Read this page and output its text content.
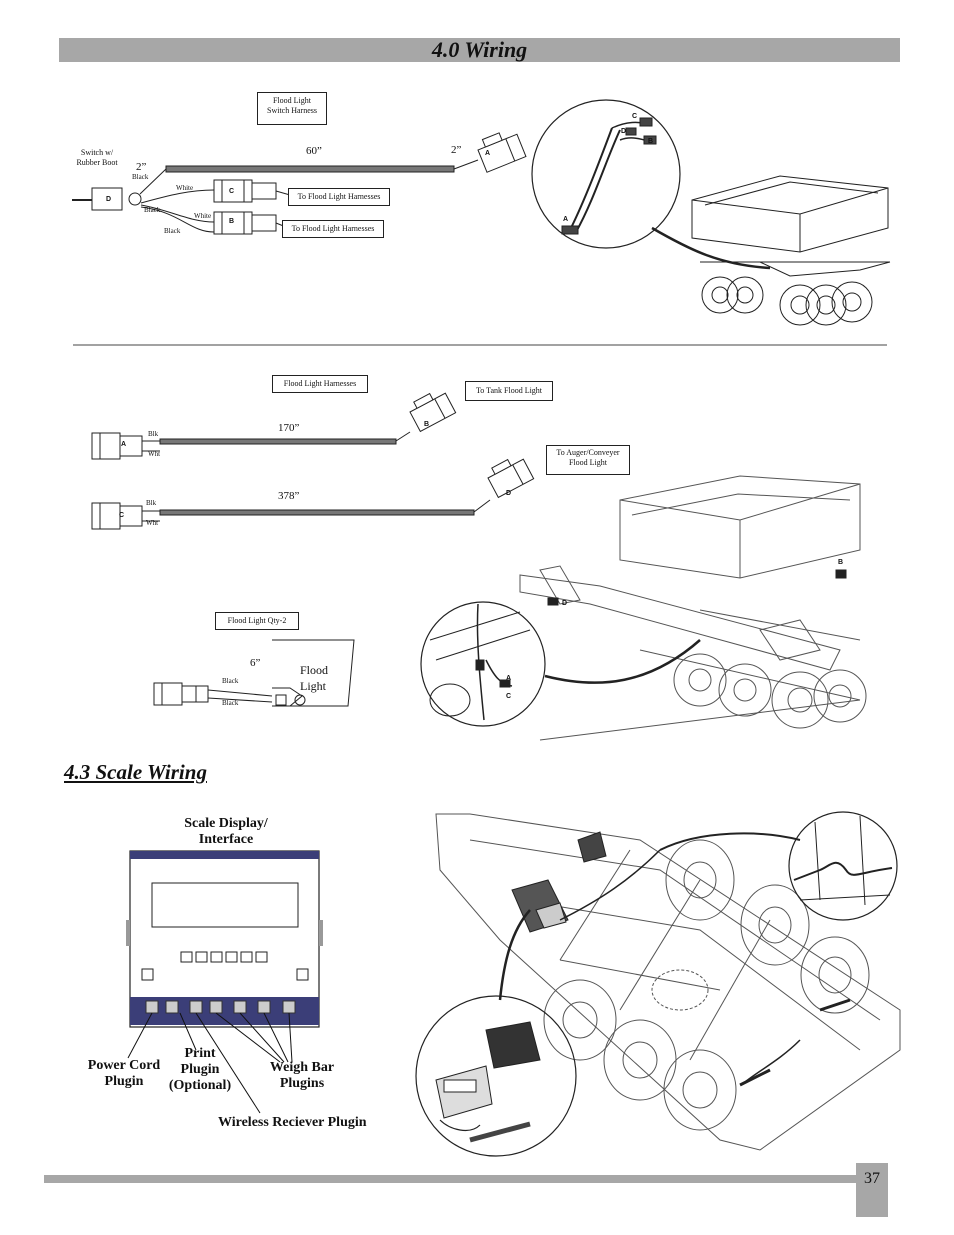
4.0 Wiring
Flood Light
Switch Harness
Switch w/
Rubber Boot	2”
60”	2”
Black
White
Black
White
Black
D
C
B
A
To Flood Light Harnesses
To Flood Light Harnesses
C
D
B
A
Flood Light Harnesses
To Tank Flood Light
To Auger/Conveyer
Flood Light
170”
378”
Blk
Wht
Blk
Wht
A
C
B
D
B
D
A
C
Flood Light Qty-2
6”
Black
Black
Flood
Light
4.3 Scale Wiring
Scale Display/
Interface
Power Cord
Plugin
Print
Plugin
(Optional)
Weigh Bar
Plugins
Wireless Reciever Plugin
37
